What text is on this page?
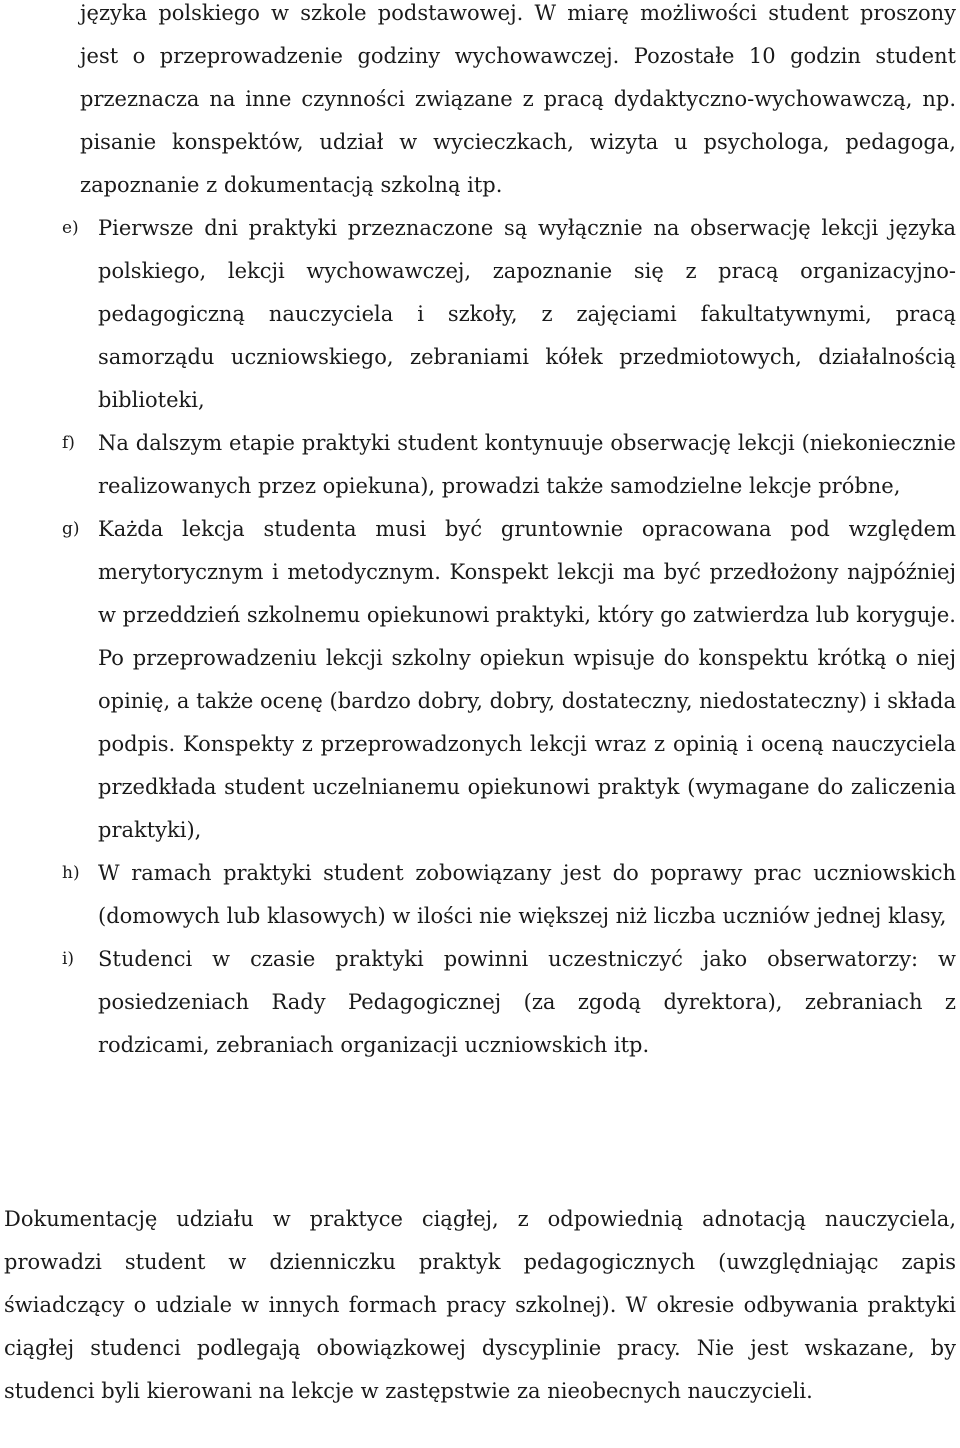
języka polskiego w szkole podstawowej. W miarę możliwości student proszony jest o przeprowadzenie godziny wychowawczej. Pozostałe 10 godzin student przeznacza na inne czynności związane z pracą dydaktyczno-wychowawczą, np. pisanie konspektów, udział w wycieczkach, wizyta u psychologa, pedagoga, zapoznanie z dokumentacją szkolną itp.

e) Pierwsze dni praktyki przeznaczone są wyłącznie na obserwację lekcji języka polskiego, lekcji wychowawczej, zapoznanie się z pracą organizacyjno-pedagogiczną nauczyciela i szkoły, z zajęciami fakultatywnymi, pracą samorządu uczniowskiego, zebraniami kółek przedmiotowych, działalnością biblioteki,
f) Na dalszym etapie praktyki student kontynuuje obserwację lekcji (niekoniecznie realizowanych przez opiekuna), prowadzi także samodzielne lekcje próbne,
g) Każda lekcja studenta musi być gruntownie opracowana pod względem merytorycznym i metodycznym. Konspekt lekcji ma być przedłożony najpóźniej w przeddzień szkolnemu opiekunowi praktyki, który go zatwierdza lub koryguje. Po przeprowadzeniu lekcji szkolny opiekun wpisuje do konspektu krótką o niej opinię, a także ocenę (bardzo dobry, dobry, dostateczny, niedostateczny) i składa podpis. Konspekty z przeprowadzonych lekcji wraz z opinią i oceną nauczyciela przedkłada student uczelnianemu opiekunowi praktyk (wymagane do zaliczenia praktyki),
h) W ramach praktyki student zobowiązany jest do poprawy prac uczniowskich (domowych lub klasowych) w ilości nie większej niż liczba uczniów jednej klasy,
i) Studenci w czasie praktyki powinni uczestniczyć jako obserwatorzy: w posiedzeniach Rady Pedagogicznej (za zgodą dyrektora), zebraniach z rodzicami, zebraniach organizacji uczniowskich itp.

Dokumentację udziału w praktyce ciągłej, z odpowiednią adnotacją nauczyciela, prowadzi student w dzienniczku praktyk pedagogicznych (uwzględniając zapis świadczący o udziale w innych formach pracy szkolnej). W okresie odbywania praktyki ciągłej studenci podlegają obowiązkowej dyscyplinie pracy. Nie jest wskazane, by studenci byli kierowani na lekcje w zastępstwie za nieobecnych nauczycieli.
